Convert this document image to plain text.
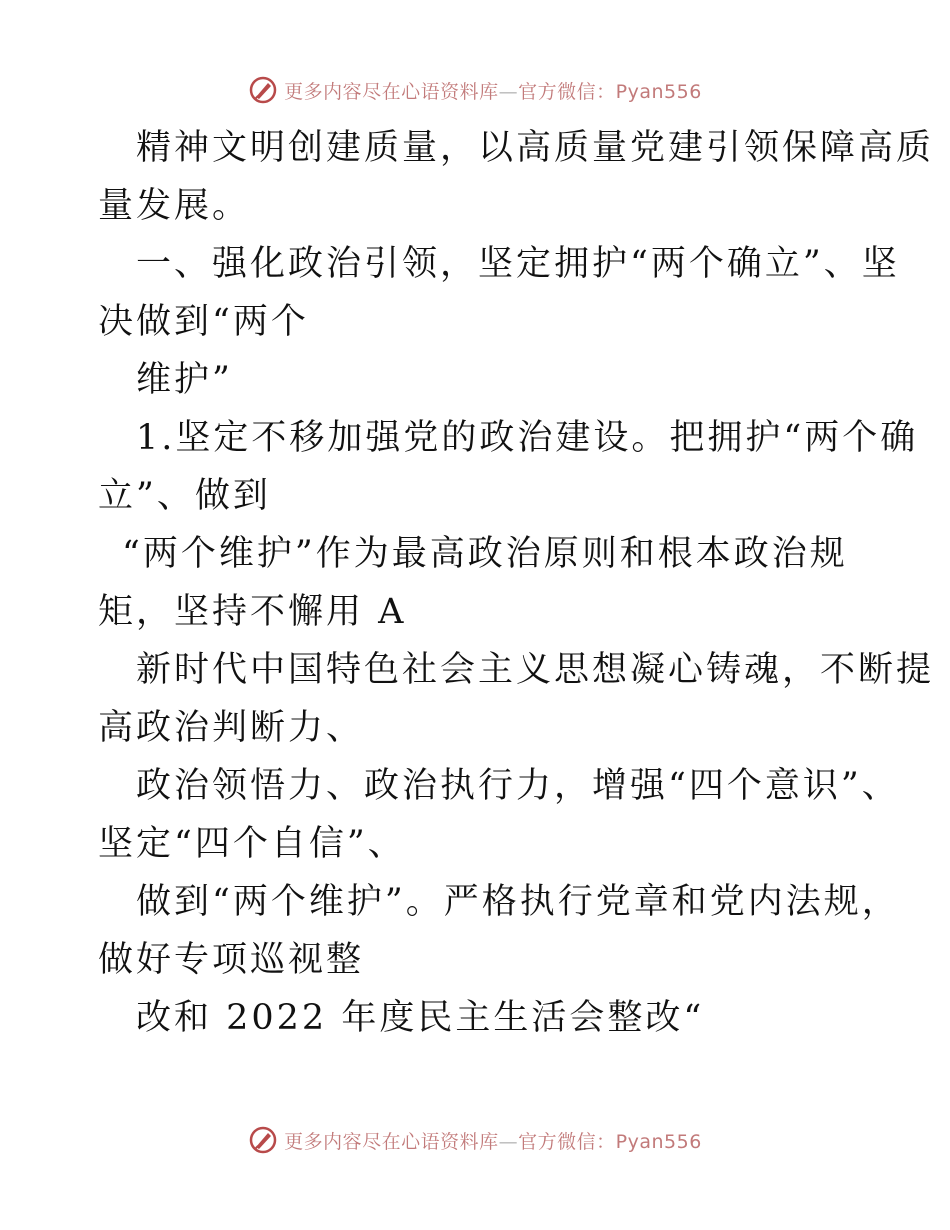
更多内容尽在心语资料库—官方微信：Pyan556
精神文明创建质量，以高质量党建引领保障高质
量发展。
一、强化政治引领，坚定拥护“两个确立”、坚
决做到“两个
维护”
1.坚定不移加强党的政治建设。把拥护“两个确
立”、做到
“两个维护”作为最高政治原则和根本政治规
矩，坚持不懈用 A
新时代中国特色社会主义思想凝心铸魂，不断提
高政治判断力、
政治领悟力、政治执行力，增强“四个意识”、
坚定“四个自信”、
做到“两个维护”。严格执行党章和党内法规，
做好专项巡视整
改和 2022 年度民主生活会整改“
更多内容尽在心语资料库—官方微信：Pyan556
